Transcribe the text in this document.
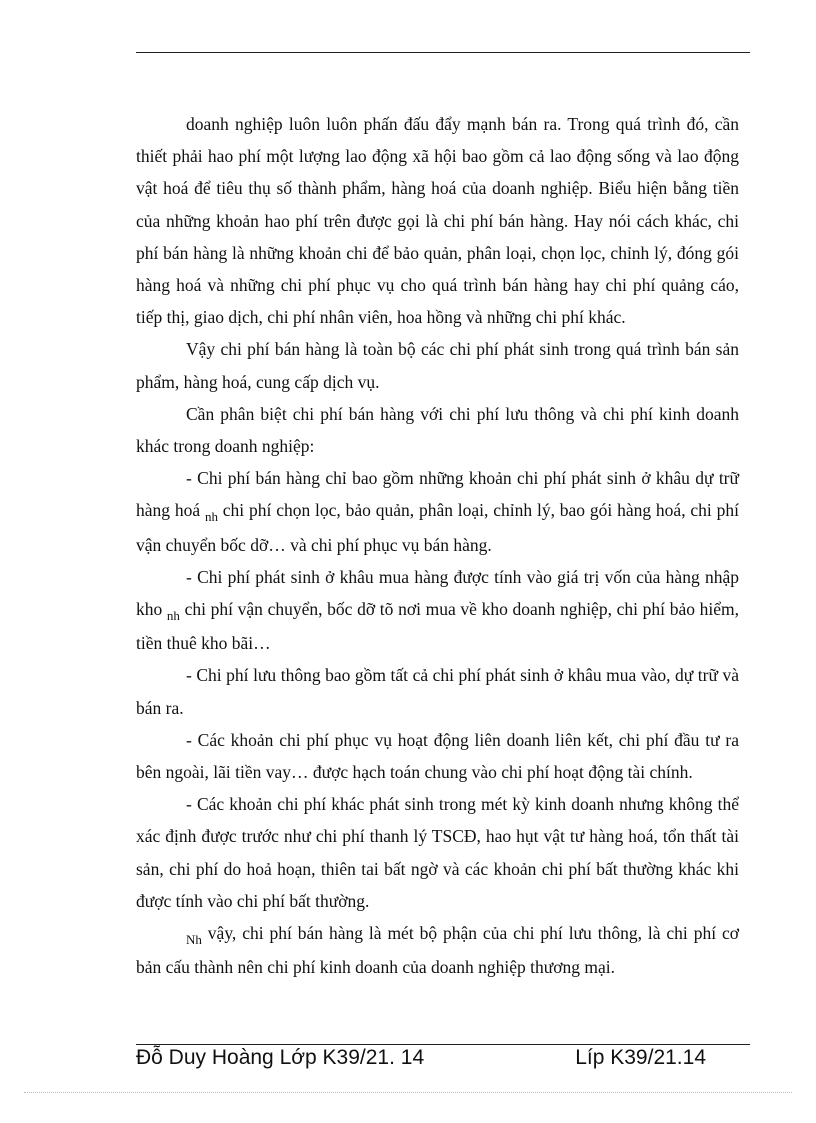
doanh nghiệp luôn luôn phấn đấu đẩy mạnh bán ra. Trong quá trình đó, cần thiết phải hao phí một lượng lao động xã hội bao gồm cả lao động sống và lao động vật hoá để tiêu thụ số thành phẩm, hàng hoá của doanh nghiệp. Biểu hiện bằng tiền của những khoản hao phí trên được gọi là chi phí bán hàng. Hay nói cách khác, chi phí bán hàng là những khoản chi để bảo quản, phân loại, chọn lọc, chỉnh lý, đóng gói hàng hoá và những chi phí phục vụ cho quá trình bán hàng hay chi phí quảng cáo, tiếp thị, giao dịch, chi phí nhân viên, hoa hồng và những chi phí khác.

Vậy chi phí bán hàng là toàn bộ các chi phí phát sinh trong quá trình bán sản phẩm, hàng hoá, cung cấp dịch vụ.

Cần phân biệt chi phí bán hàng với chi phí lưu thông và chi phí kinh doanh khác trong doanh nghiệp:

- Chi phí bán hàng chỉ bao gồm những khoản chi phí phát sinh ở khâu dự trữ hàng hoá $_{nh}$ chi phí chọn lọc, bảo quản, phân loại, chỉnh lý, bao gói hàng hoá, chi phí vận chuyển bốc dỡ… và chi phí phục vụ bán hàng.

- Chi phí phát sinh ở khâu mua hàng được tính vào giá trị vốn của hàng nhập kho $_{nh}$ chi phí vận chuyển, bốc dỡ tõ nơi mua về kho doanh nghiệp, chi phí bảo hiểm, tiền thuê kho bãi…

- Chi phí lưu thông bao gồm tất cả chi phí phát sinh ở khâu mua vào, dự trữ và bán ra.

- Các khoản chi phí phục vụ hoạt động liên doanh liên kết, chi phí đầu tư ra bên ngoài, lãi tiền vay… được hạch toán chung vào chi phí hoạt động tài chính.

- Các khoản chi phí khác phát sinh trong mét kỳ kinh doanh nhưng không thể xác định được trước như chi phí thanh lý TSCĐ, hao hụt vật tư hàng hoá, tổn thất tài sản, chi phí do hoả hoạn, thiên tai bất ngờ và các khoản chi phí bất thường khác khi được tính vào chi phí bất thường.

$_{Nh}$ vậy, chi phí bán hàng là mét bộ phận của chi phí lưu thông, là chi phí cơ bản cấu thành nên chi phí kinh doanh của doanh nghiệp thương mại.

Đỗ Duy Hoàng Lớp K39/21. 14	Líp K39/21.14
